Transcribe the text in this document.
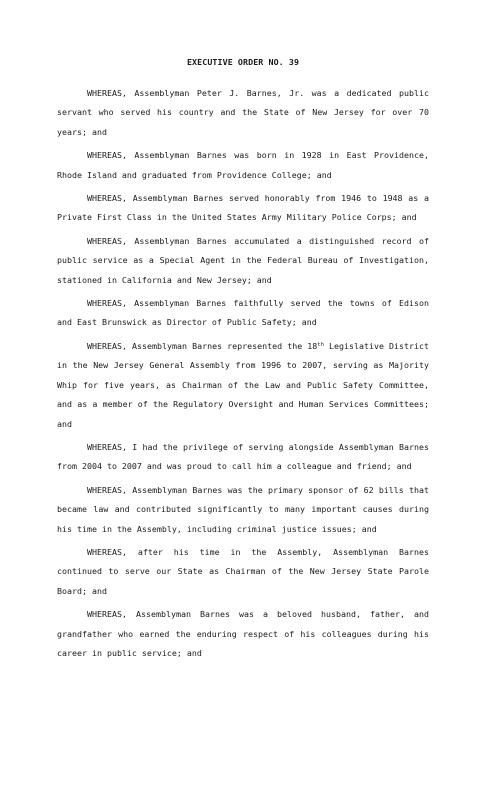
EXECUTIVE ORDER NO. 39

WHEREAS, Assemblyman Peter J. Barnes, Jr. was a dedicated public servant who served his country and the State of New Jersey for over 70 years; and

WHEREAS, Assemblyman Barnes was born in 1928 in East Providence, Rhode Island and graduated from Providence College; and

WHEREAS, Assemblyman Barnes served honorably from 1946 to 1948 as a Private First Class in the United States Army Military Police Corps; and

WHEREAS, Assemblyman Barnes accumulated a distinguished record of public service as a Special Agent in the Federal Bureau of Investigation, stationed in California and New Jersey; and

WHEREAS, Assemblyman Barnes faithfully served the towns of Edison and East Brunswick as Director of Public Safety; and

WHEREAS, Assemblyman Barnes represented the 18th Legislative District in the New Jersey General Assembly from 1996 to 2007, serving as Majority Whip for five years, as Chairman of the Law and Public Safety Committee, and as a member of the Regulatory Oversight and Human Services Committees; and

WHEREAS, I had the privilege of serving alongside Assemblyman Barnes from 2004 to 2007 and was proud to call him a colleague and friend; and

WHEREAS, Assemblyman Barnes was the primary sponsor of 62 bills that became law and contributed significantly to many important causes during his time in the Assembly, including criminal justice issues; and

WHEREAS, after his time in the Assembly, Assemblyman Barnes continued to serve our State as Chairman of the New Jersey State Parole Board; and

WHEREAS, Assemblyman Barnes was a beloved husband, father, and grandfather who earned the enduring respect of his colleagues during his career in public service; and
